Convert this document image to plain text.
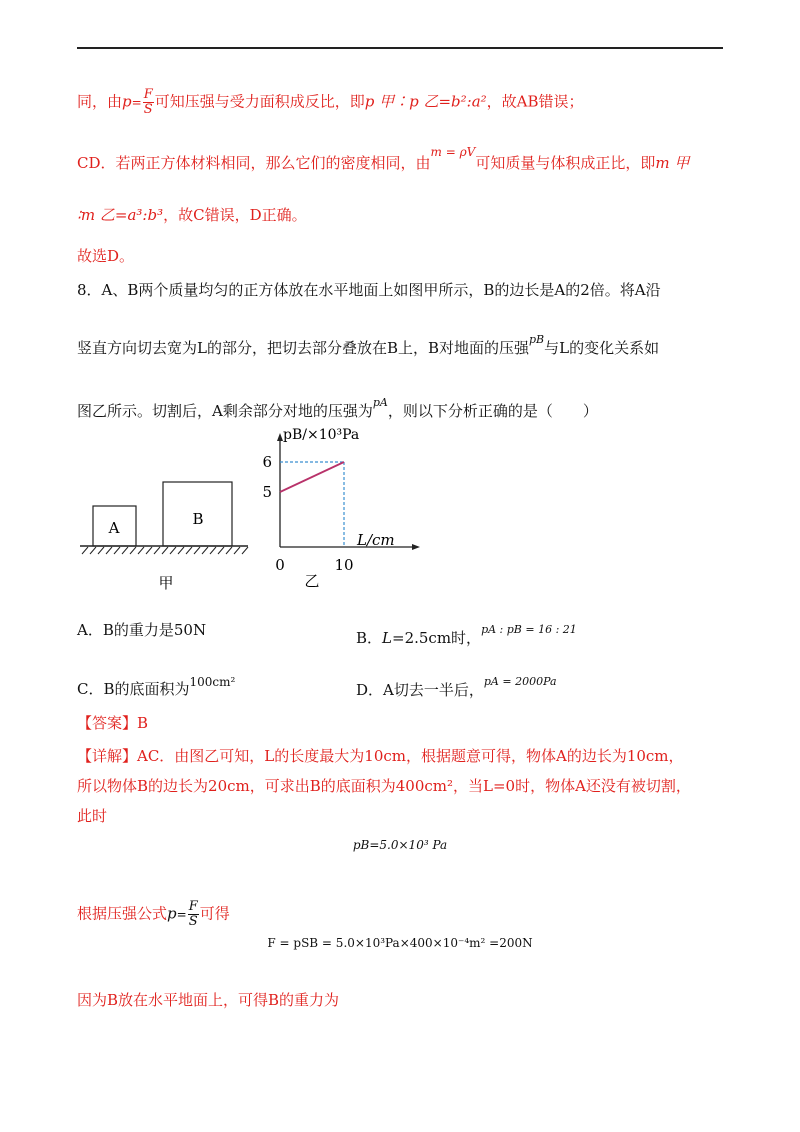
同，由$p= \frac{F}{S}$ 可知压强与受力面积成反比，即p 甲∶p 乙=b²:a²，故AB错误；
CD．若两正方体材料相同，那么它们的密度相同，由$^{m = \rho V}$可知质量与体积成正比，即m 甲
∶m 乙=a³:b³，故C错误，D正确。
故选D。
8．A、B两个质量均匀的正方体放在水平地面上如图甲所示，B的边长是A的2倍。将A沿
竖直方向切去宽为L的部分，把切去部分叠放在B上，B对地面的压强$^{pB}$与L的变化关系如
图乙所示。切割后，A剩余部分对地的压强为$^{pA}$，则以下分析正确的是（　　）
A	B
甲
pB/×10³Pa
L/cm
乙
0	10
5
6
A．B的重力是50N	B．L=2.5cm时，$^{pA : pB = 16 : 21}$
C．B的底面积为$^{100cm^2}$	D．A切去一半后，$^{pA = 2000Pa}$
【答案】B
【详解】AC．由图乙可知，L的长度最大为10cm，根据题意可得，物体A的边长为10cm，
所以物体B的边长为20cm，可求出B的底面积为400cm²，当L=0时，物体A还没有被切割，
此时
pB=5.0×10³ Pa
根据压强公式$p= \frac{F}{S}$ 可得
F = pSB = 5.0×10³Pa×400×10⁻⁴m² =200N
因为B放在水平地面上，可得B的重力为
